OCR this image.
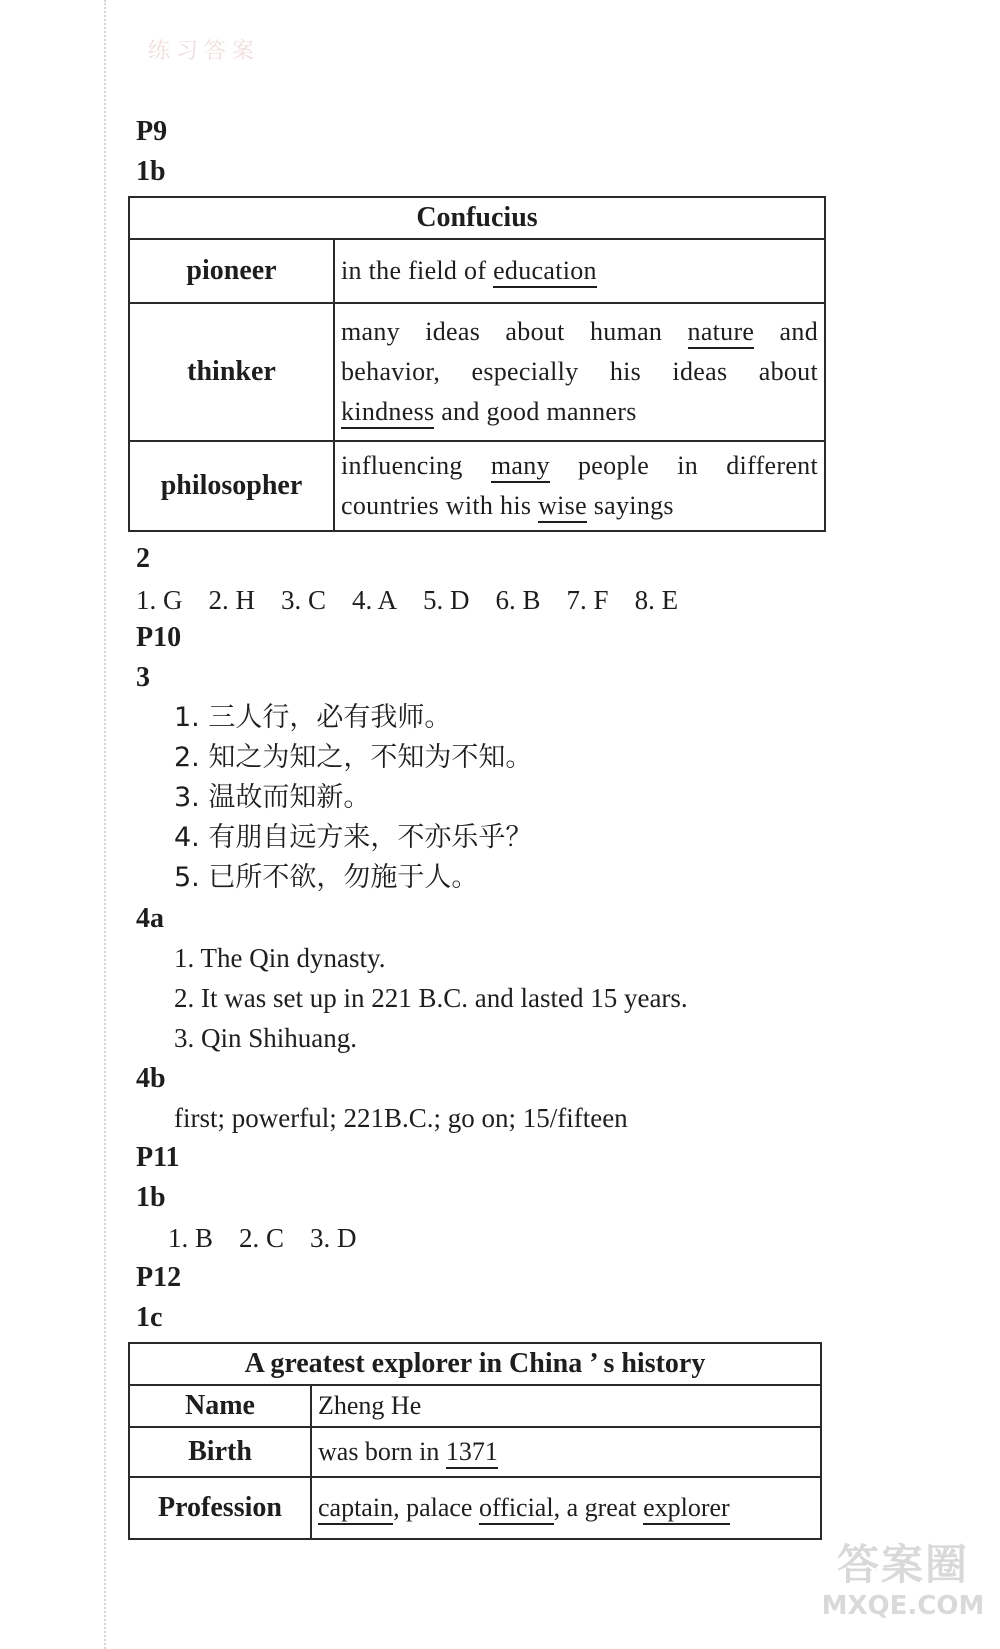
练习答案
P9
1b
Confucius	
pioneer	in the field of education
thinker	many ideas about human nature and behavior, especially his ideas about kindness and good manners
philosopher	influencing many people in different countries with his wise sayings
2
1. G 2. H 3. C 4. A 5. D 6. B 7. F 8. E
P10
3
1. 三人行，必有我师。
2. 知之为知之，不知为不知。
3. 温故而知新。
4. 有朋自远方来，不亦乐乎？
5. 已所不欲，勿施于人。
4a
1. The Qin dynasty.
2. It was set up in 221 B.C. and lasted 15 years.
3. Qin Shihuang.
4b
first; powerful; 221B.C.; go on; 15/fifteen
P11
1b
1. B 2. C 3. D
P12
1c
A greatest explorer in China ’ s history	
Name	Zheng He
Birth	was born in 1371
Profession	captain, palace official, a great explorer
答案圈
MXQE.COM
